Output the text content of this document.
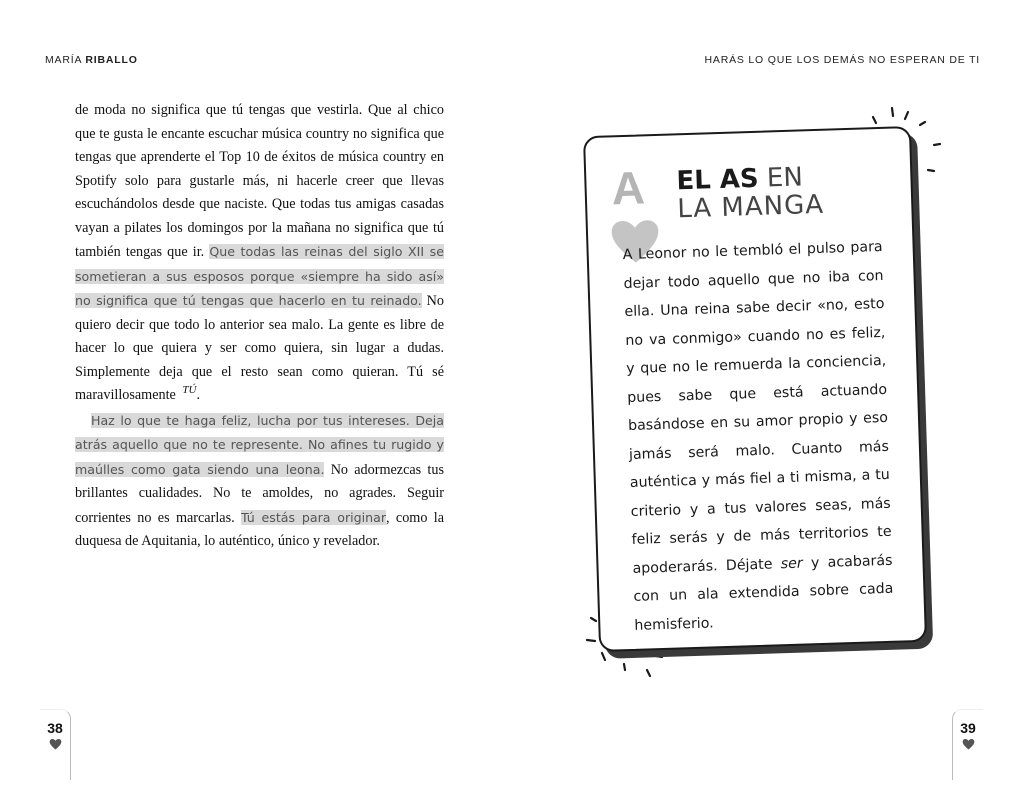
MARÍA RIBALLO	HARÁS LO QUE LOS DEMÁS NO ESPERAN DE TI

de moda no significa que tú tengas que vestirla. Que al chico que te gusta le encante escuchar música country no significa que tengas que aprenderte el Top 10 de éxitos de música country en Spotify solo para gustarle más, ni hacerle creer que llevas escuchándolos desde que naciste. Que todas tus amigas casadas vayan a pilates los domingos por la mañana no significa que tú también tengas que ir. Que todas las reinas del siglo XII se sometieran a sus esposos porque «siempre ha sido así» no significa que tú tengas que hacerlo en tu reinado. No quiero decir que todo lo anterior sea malo. La gente es libre de hacer lo que quiera y ser como quiera, sin lugar a dudas. Simplemente deja que el resto sean como quieran. Tú sé maravillosamente $^{TÚ}$.

Haz lo que te haga feliz, lucha por tus intereses. Deja atrás aquello que no te represente. No afines tu rugido y maúlles como gata siendo una leona. No adormezcas tus brillantes cualidades. No te amoldes, no agrades. Seguir corrientes no es marcarlas. Tú estás para originar, como la duquesa de Aquitania, lo auténtico, único y revelador.

A EL AS EN
LA MANGA
A Leonor no le tembló el pulso para dejar todo aquello que no iba con ella. Una reina sabe decir «no, esto no va conmigo» cuando no es feliz, y que no le remuerda la conciencia, pues sabe que está actuando basándose en su amor propio y eso jamás será malo. Cuanto más auténtica y más fiel a ti misma, a tu criterio y a tus valores seas, más feliz serás y de más territorios te apoderarás. Déjate ser y acabarás con un ala extendida sobre cada hemisferio.
38	39
